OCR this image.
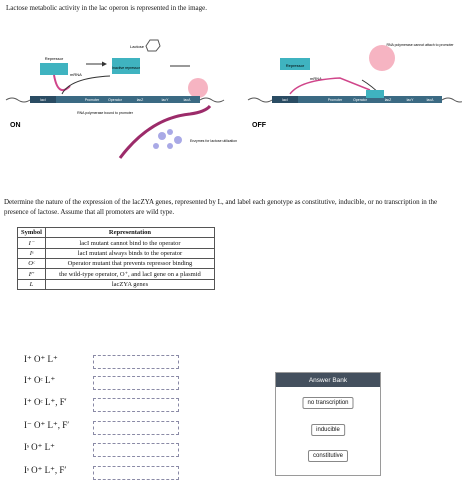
Lactose metabolic activity in the lac operon is represented in the image.
Repressor
mRNA
Inactive repressor
Lactose
lacI	Promoter	Operator	lacZ	lacY	lacA
RNA polymerase bound to promoter
Enzymes for lactose utilization
ON
Repressor
RNA polymerase cannot attach to promoter
mRNA
lacI	Promoter	Operator	lacZ	lacY	lacA
OFF
Determine the nature of the expression of the lacZYA genes, represented by L, and label each genotype as constitutive, inducible, or no transcription in the presence of lactose. Assume that all promoters are wild type.
Symbol	Representation
I⁻	lacI mutant cannot bind to the operator
Iˢ	lacI mutant always binds to the operator
Oᶜ	Operator mutant that prevents repressor binding
F′	the wild-type operator, O⁺, and lacI gene on a plasmid
L	lacZYA genes
I⁺ O⁺ L⁺
I⁺ Oᶜ L⁺
I⁺ Oᶜ L⁺, F′
I⁻ O⁺ L⁺, F′
Iˢ O⁺ L⁺
Iˢ O⁺ L⁺, F′
Answer Bank
no transcription
inducible
constitutive
